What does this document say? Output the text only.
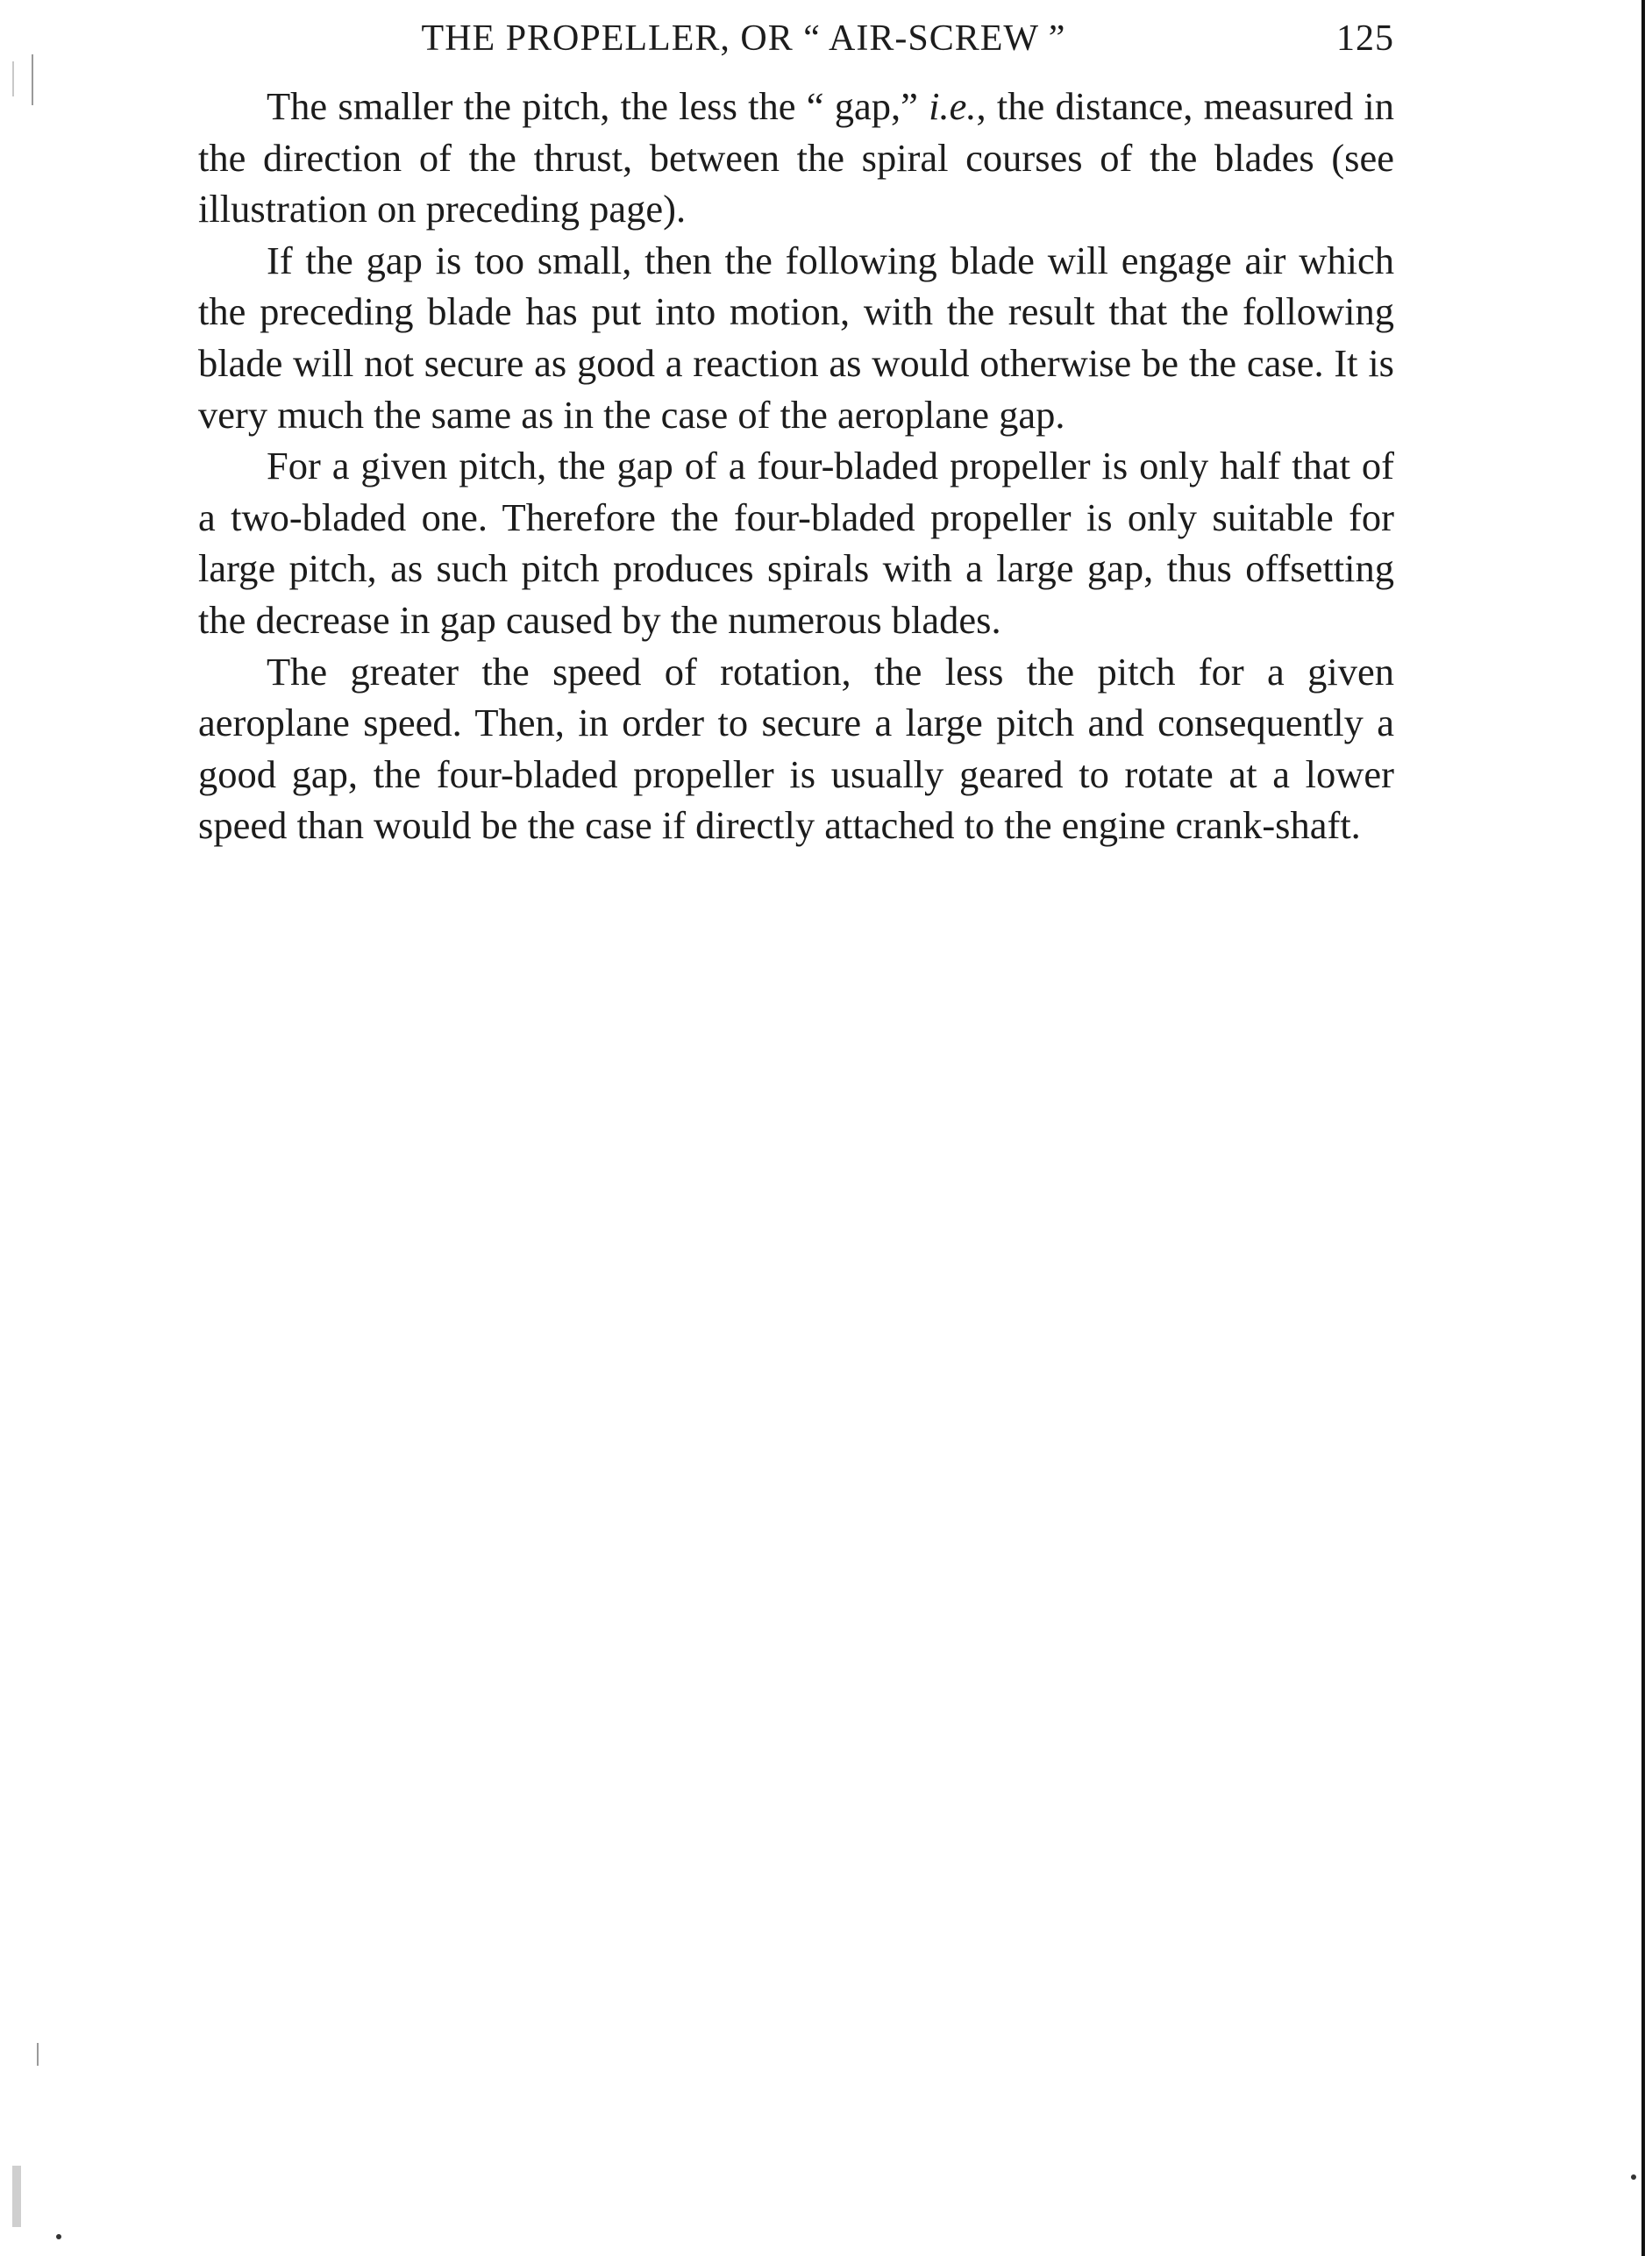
THE PROPELLER, OR “ AIR-SCREW ”	125

The smaller the pitch, the less the “ gap,” i.e., the distance, measured in the direction of the thrust, between the spiral courses of the blades (see illustration on preceding page).

If the gap is too small, then the following blade will engage air which the preceding blade has put into motion, with the result that the following blade will not secure as good a reaction as would otherwise be the case. It is very much the same as in the case of the aeroplane gap.

For a given pitch, the gap of a four-bladed propeller is only half that of a two-bladed one. Therefore the four-bladed propeller is only suitable for large pitch, as such pitch produces spirals with a large gap, thus offsetting the decrease in gap caused by the numerous blades.

The greater the speed of rotation, the less the pitch for a given aeroplane speed. Then, in order to secure a large pitch and consequently a good gap, the four-bladed propeller is usually geared to rotate at a lower speed than would be the case if directly attached to the engine crank-shaft.
